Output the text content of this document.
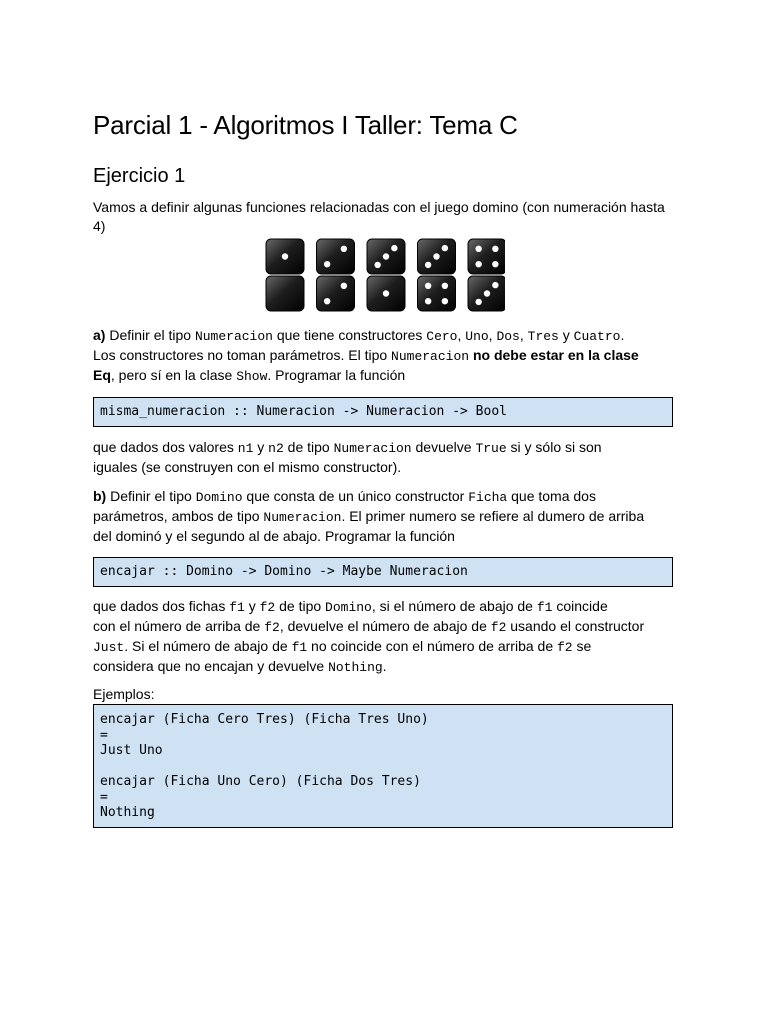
Parcial 1 - Algoritmos I Taller: Tema C
Ejercicio 1

Vamos a definir algunas funciones relacionadas con el juego domino (con numeración hasta 4)

a) Definir el tipo Numeracion que tiene constructores Cero, Uno, Dos, Tres y Cuatro.

Los constructores no toman parámetros. El tipo Numeracion no debe estar en la clase

Eq, pero sí en la clase Show. Programar la función

misma_numeracion :: Numeracion -> Numeracion -> Bool

que dados dos valores n1 y n2 de tipo Numeracion devuelve True si y sólo si son

iguales (se construyen con el mismo constructor).

b) Definir el tipo Domino que consta de un único constructor Ficha que toma dos

parámetros, ambos de tipo Numeracion. El primer numero se refiere al dumero de arriba

del dominó y el segundo al de abajo. Programar la función

encajar :: Domino -> Domino -> Maybe Numeracion

que dados dos fichas f1 y f2 de tipo Domino, si el número de abajo de f1 coincide

con el número de arriba de f2, devuelve el número de abajo de f2 usando el constructor

Just. Si el número de abajo de f1 no coincide con el número de arriba de f2 se

considera que no encajan y devuelve Nothing.

Ejemplos:

encajar (Ficha Cero Tres) (Ficha Tres Uno)
=
Just Uno
encajar (Ficha Uno Cero) (Ficha Dos Tres)
=
Nothing
